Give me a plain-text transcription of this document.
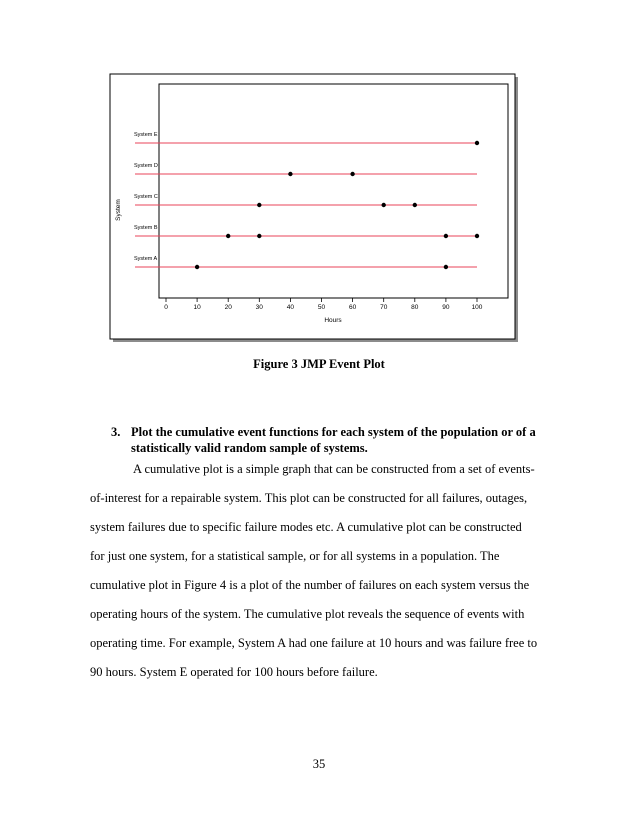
System
Hours
0	10	20	30	40	50	60	70	80	90	100
System A
System B
System C
System D
System E
Figure 3 JMP Event Plot
3. Plot the cumulative event functions for each system of the population or of a
statistically valid random sample of systems.
A cumulative plot is a simple graph that can be constructed from a set of events-
of-interest for a repairable system. This plot can be constructed for all failures, outages,
system failures due to specific failure modes etc. A cumulative plot can be constructed
for just one system, for a statistical sample, or for all systems in a population. The
cumulative plot in Figure 4 is a plot of the number of failures on each system versus the
operating hours of the system. The cumulative plot reveals the sequence of events with
operating time. For example, System A had one failure at 10 hours and was failure free to
90 hours. System E operated for 100 hours before failure.
35
